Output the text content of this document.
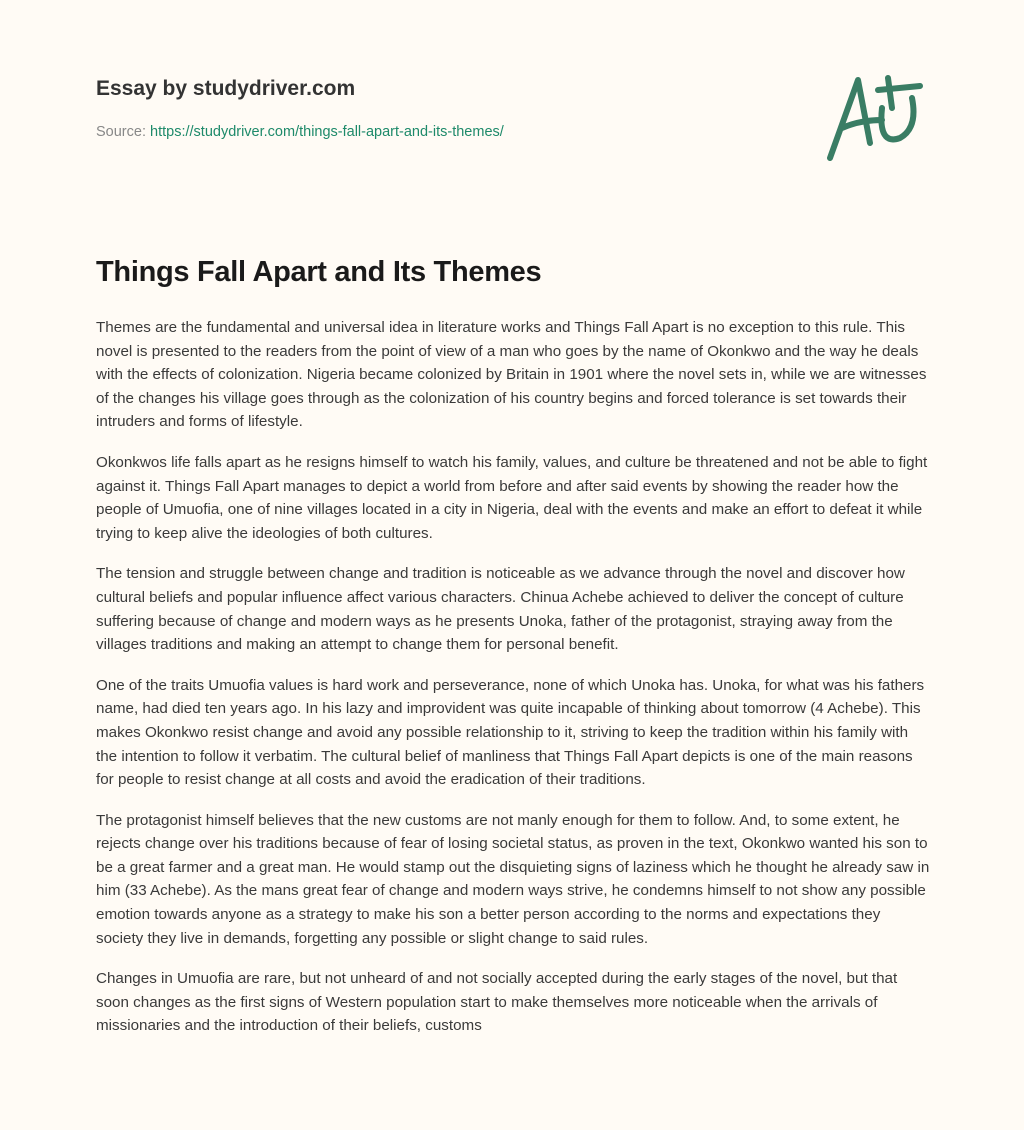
Essay by studydriver.com
Source: https://studydriver.com/things-fall-apart-and-its-themes/
Things Fall Apart and Its Themes

Themes are the fundamental and universal idea in literature works and Things Fall Apart is no exception to this rule. This novel is presented to the readers from the point of view of a man who goes by the name of Okonkwo and the way he deals with the effects of colonization. Nigeria became colonized by Britain in 1901 where the novel sets in, while we are witnesses of the changes his village goes through as the colonization of his country begins and forced tolerance is set towards their intruders and forms of lifestyle.

Okonkwos life falls apart as he resigns himself to watch his family, values, and culture be threatened and not be able to fight against it. Things Fall Apart manages to depict a world from before and after said events by showing the reader how the people of Umuofia, one of nine villages located in a city in Nigeria, deal with the events and make an effort to defeat it while trying to keep alive the ideologies of both cultures.

The tension and struggle between change and tradition is noticeable as we advance through the novel and discover how cultural beliefs and popular influence affect various characters. Chinua Achebe achieved to deliver the concept of culture suffering because of change and modern ways as he presents Unoka, father of the protagonist, straying away from the villages traditions and making an attempt to change them for personal benefit.

One of the traits Umuofia values is hard work and perseverance, none of which Unoka has. Unoka, for what was his fathers name, had died ten years ago. In his lazy and improvident was quite incapable of thinking about tomorrow (4 Achebe). This makes Okonkwo resist change and avoid any possible relationship to it, striving to keep the tradition within his family with the intention to follow it verbatim. The cultural belief of manliness that Things Fall Apart depicts is one of the main reasons for people to resist change at all costs and avoid the eradication of their traditions.

The protagonist himself believes that the new customs are not manly enough for them to follow. And, to some extent, he rejects change over his traditions because of fear of losing societal status, as proven in the text, Okonkwo wanted his son to be a great farmer and a great man. He would stamp out the disquieting signs of laziness which he thought he already saw in him (33 Achebe). As the mans great fear of change and modern ways strive, he condemns himself to not show any possible emotion towards anyone as a strategy to make his son a better person according to the norms and expectations they society they live in demands, forgetting any possible or slight change to said rules.

Changes in Umuofia are rare, but not unheard of and not socially accepted during the early stages of the novel, but that soon changes as the first signs of Western population start to make themselves more noticeable when the arrivals of missionaries and the introduction of their beliefs, customs
